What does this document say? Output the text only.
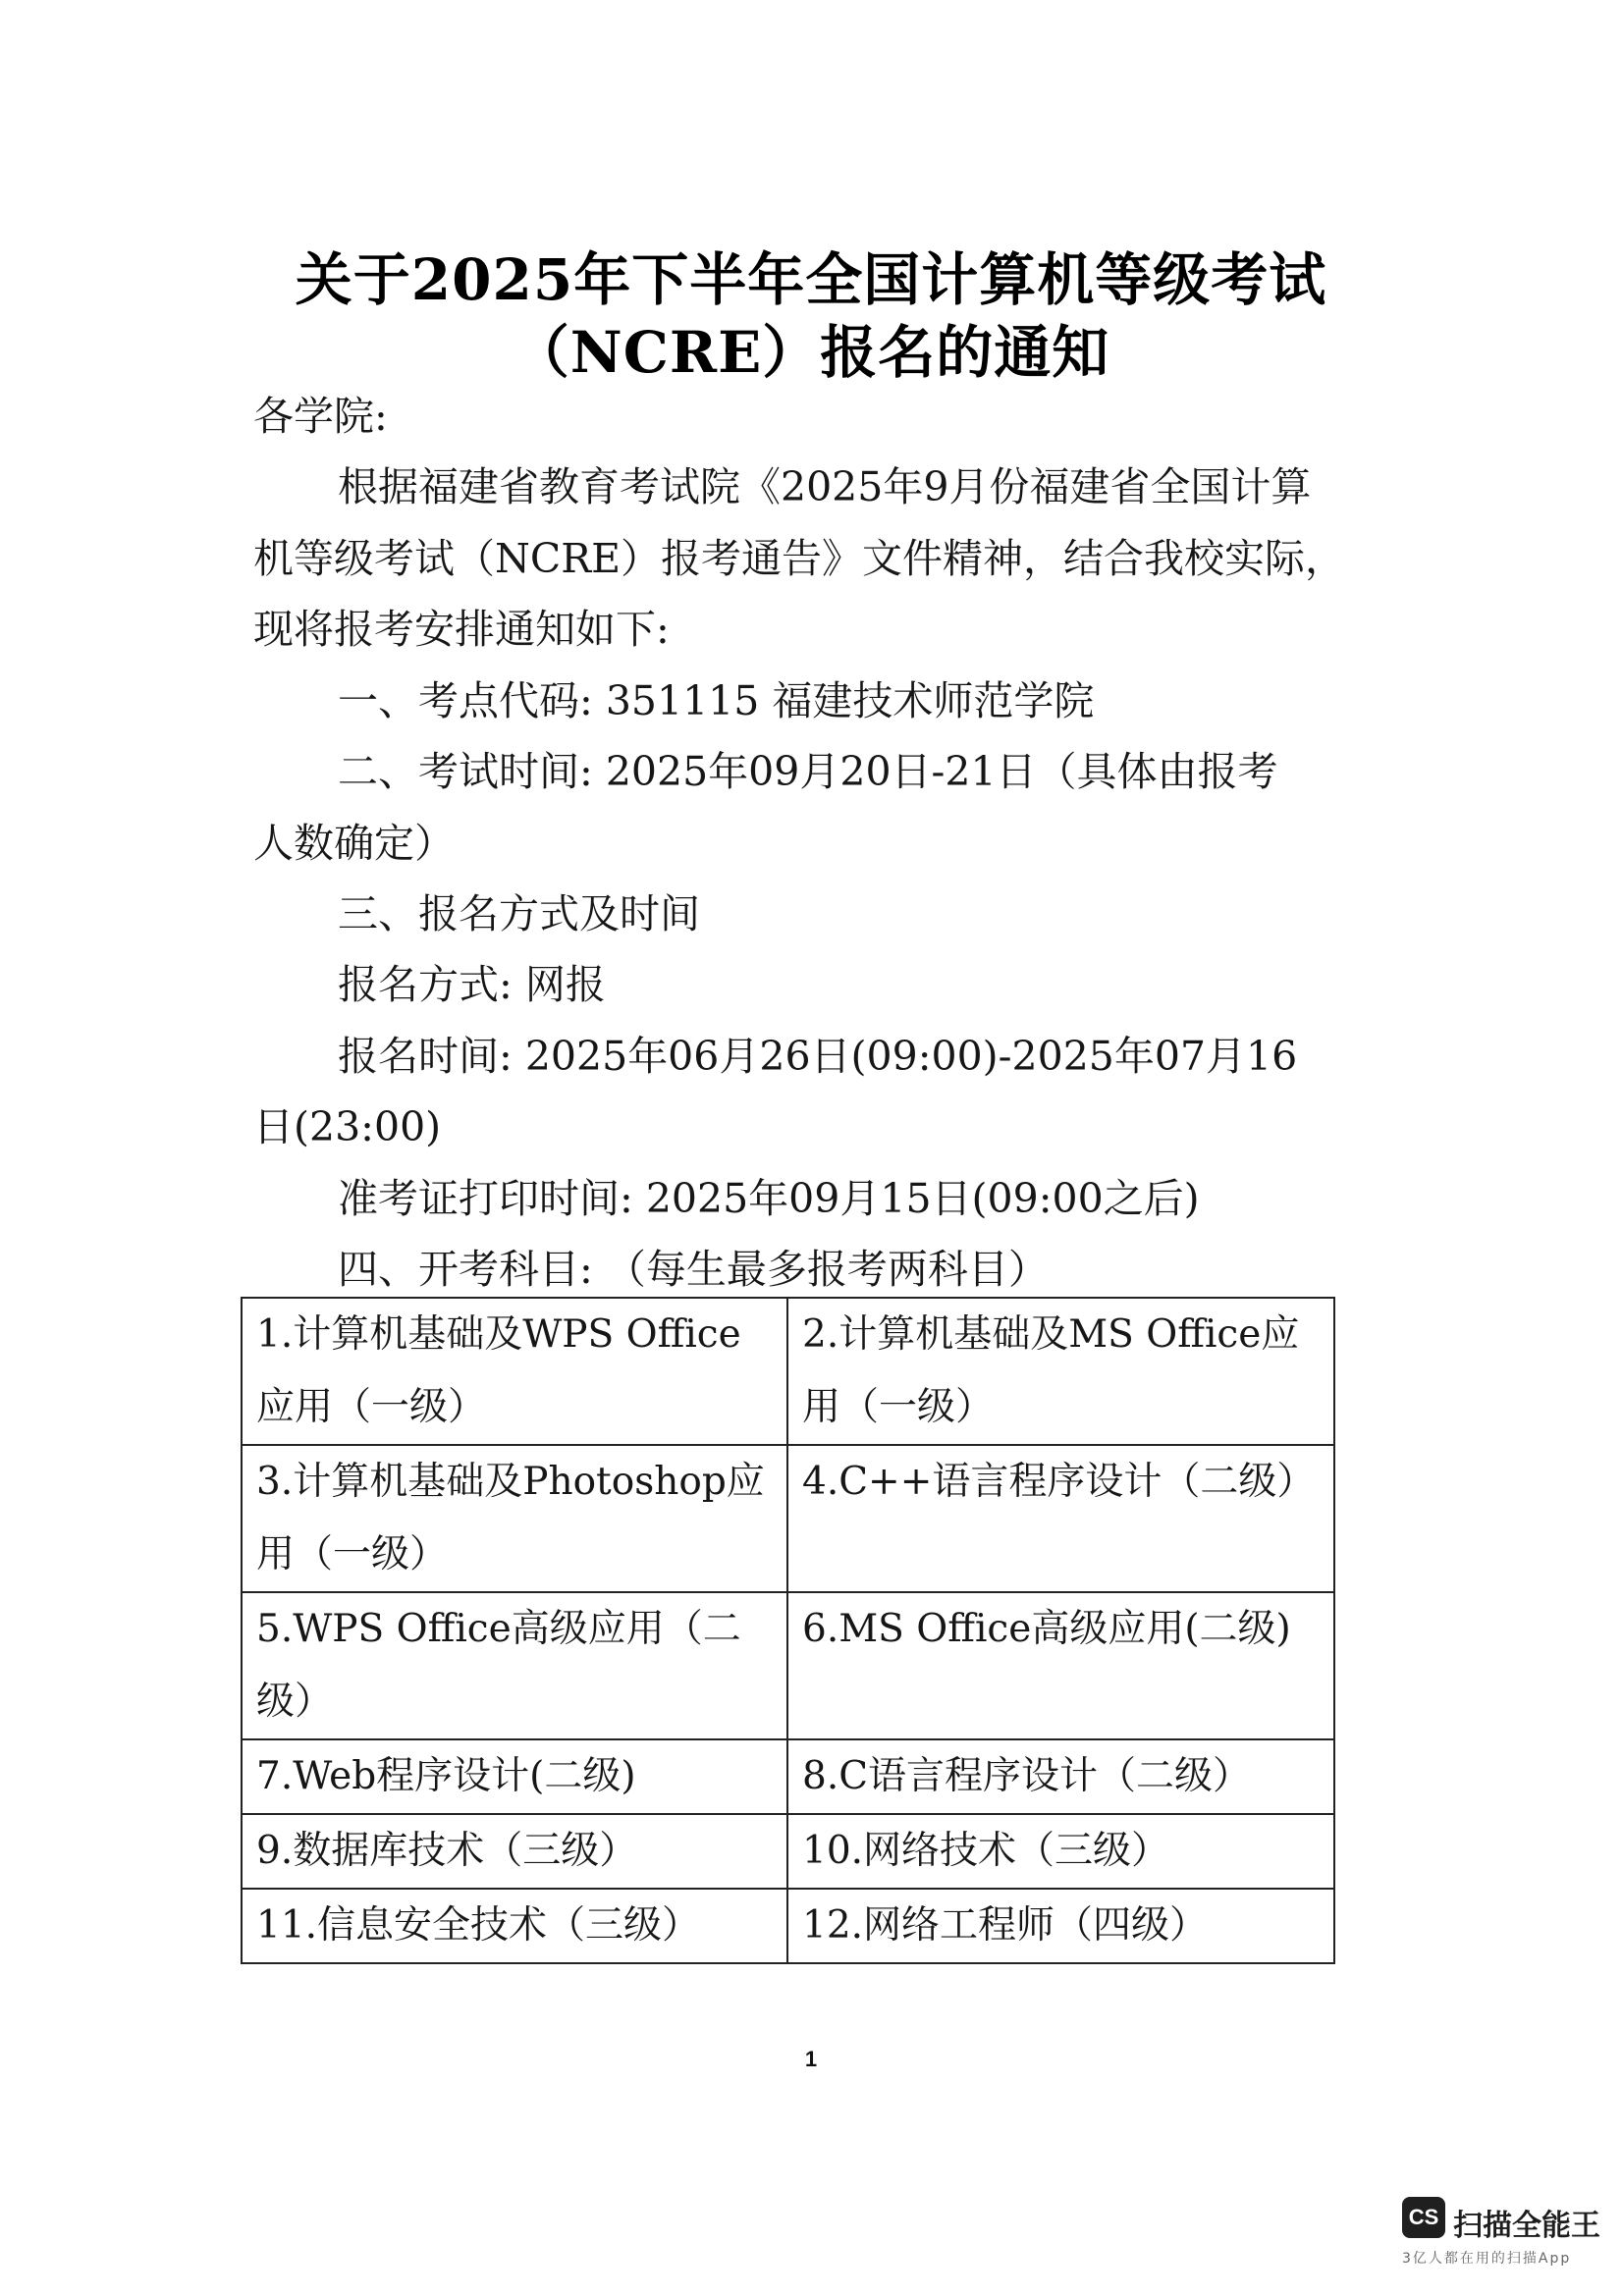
关于2025年下半年全国计算机等级考试
（NCRE）报名的通知
各学院:
根据福建省教育考试院《2025年9月份福建省全国计算
机等级考试（NCRE）报考通告》文件精神，结合我校实际，
现将报考安排通知如下:
一、考点代码: 351115 福建技术师范学院
二、考试时间: 2025年09月20日-21日（具体由报考
人数确定）
三、报名方式及时间
报名方式: 网报
报名时间: 2025年06月26日(09:00)-2025年07月16
日(23:00)
准考证打印时间: 2025年09月15日(09:00之后)
四、开考科目: （每生最多报考两科目）
1.计算机基础及WPS Office应用（一级）	2.计算机基础及MS Office应用（一级）
3.计算机基础及Photoshop应用（一级）	4.C++语言程序设计（二级）
5.WPS Office高级应用（二级）	6.MS Office高级应用(二级)
7.Web程序设计(二级)	8.C语言程序设计（二级）
9.数据库技术（三级）	10.网络技术（三级）
11.信息安全技术（三级）	12.网络工程师（四级）
1
CS 扫描全能王
3亿人都在用的扫描App
